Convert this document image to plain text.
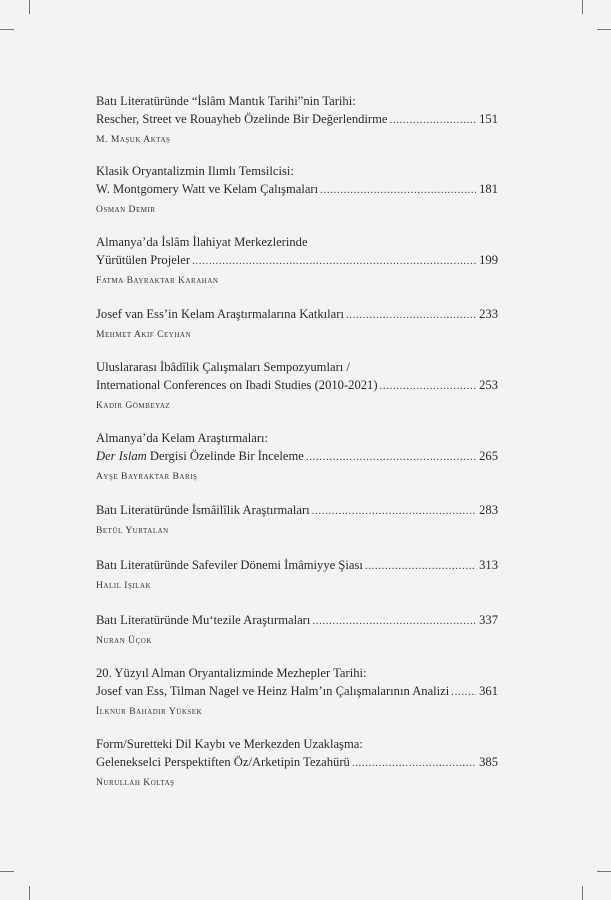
Batı Literatüründe “İslâm Mantık Tarihi”nin Tarihi:
Rescher, Street ve Rouayheb Özelinde Bir Değerlendirme .....	151
M. Maşuk Aktaş
Klasik Oryantalizmin Ilımlı Temsilcisi:
W. Montgomery Watt ve Kelam Çalışmaları .....	181
Osman Demir
Almanya’da İslâm İlahiyat Merkezlerinde
Yürütülen Projeler .....	199
Fatma Bayraktar Karahan
Josef van Ess’in Kelam Araştırmalarına Katkıları .....	233
Mehmet Akif Ceyhan
Uluslararası İbâdîlik Çalışmaları Sempozyumları /
International Conferences on Ibadi Studies (2010-2021) .....	253
Kadir Gömbeyaz
Almanya’da Kelam Araştırmaları:
Der Islam Dergisi Özelinde Bir İnceleme .....	265
Ayşe Bayraktar Barış
Batı Literatüründe İsmâilîlik Araştırmaları .....	283
Betül Yurtalan
Batı Literatüründe Safeviler Dönemi İmâmiyye Şiası .....	313
Halil Işılak
Batı Literatüründe Mu‘tezile Araştırmaları .....	337
Nuran Üçok
20. Yüzyıl Alman Oryantalizminde Mezhepler Tarihi:
Josef van Ess, Tilman Nagel ve Heinz Halm’ın Çalışmalarının Analizi ..... 361
İlknur Bahadır Yüksek
Form/Suretteki Dil Kaybı ve Merkezden Uzaklaşma:
Gelenekselci Perspektiften Öz/Arketipin Tezahürü .....	385
Nurullah Koltaş
